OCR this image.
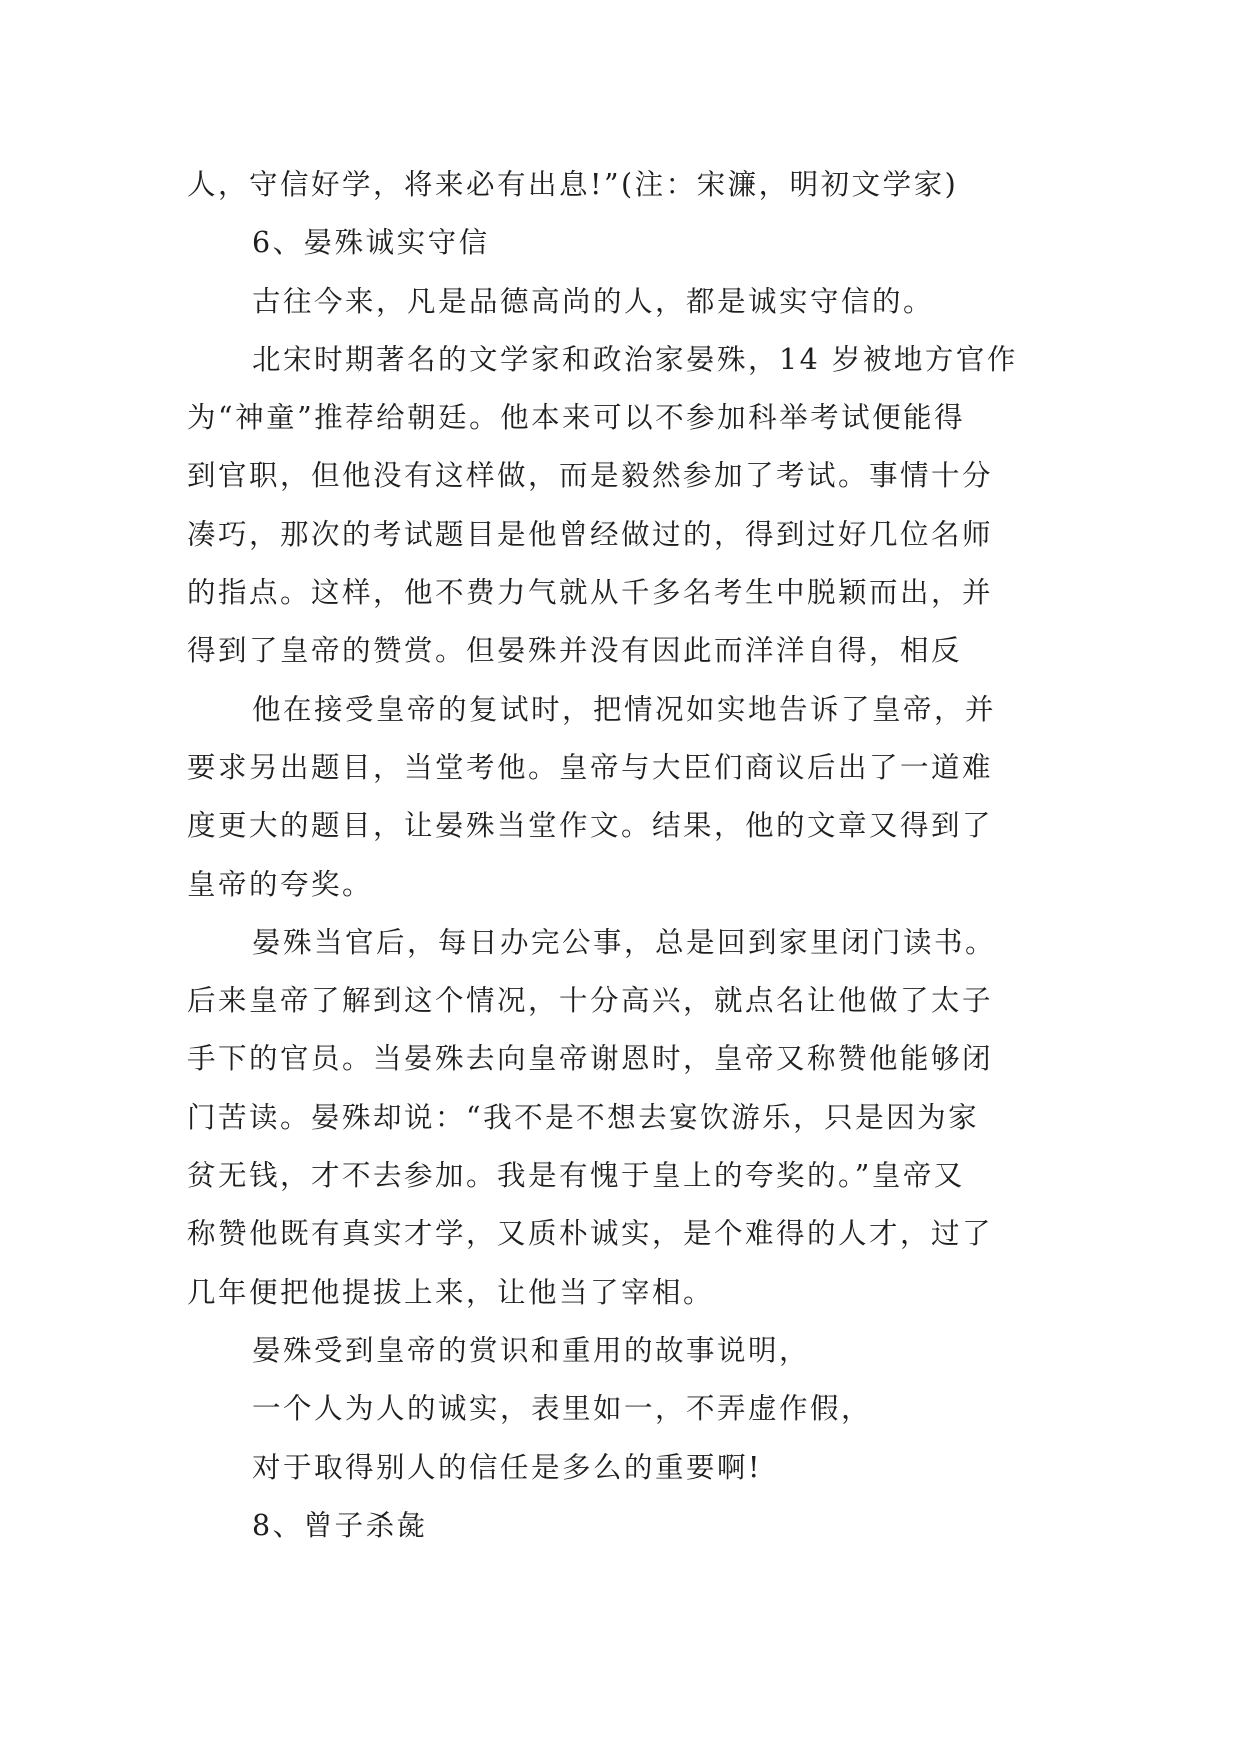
人，守信好学，将来必有出息!”(注：宋濂，明初文学家)
6、晏殊诚实守信
古往今来，凡是品德高尚的人，都是诚实守信的。
北宋时期著名的文学家和政治家晏殊，14 岁被地方官作
为“神童”推荐给朝廷。他本来可以不参加科举考试便能得
到官职，但他没有这样做，而是毅然参加了考试。事情十分
凑巧，那次的考试题目是他曾经做过的，得到过好几位名师
的指点。这样，他不费力气就从千多名考生中脱颖而出，并
得到了皇帝的赞赏。但晏殊并没有因此而洋洋自得，相反
他在接受皇帝的复试时，把情况如实地告诉了皇帝，并
要求另出题目，当堂考他。皇帝与大臣们商议后出了一道难
度更大的题目，让晏殊当堂作文。结果，他的文章又得到了
皇帝的夸奖。
晏殊当官后，每日办完公事，总是回到家里闭门读书。
后来皇帝了解到这个情况，十分高兴，就点名让他做了太子
手下的官员。当晏殊去向皇帝谢恩时，皇帝又称赞他能够闭
门苦读。晏殊却说：“我不是不想去宴饮游乐，只是因为家
贫无钱，才不去参加。我是有愧于皇上的夸奖的。”皇帝又
称赞他既有真实才学，又质朴诚实，是个难得的人才，过了
几年便把他提拔上来，让他当了宰相。
晏殊受到皇帝的赏识和重用的故事说明，
一个人为人的诚实，表里如一，不弄虚作假，
对于取得别人的信任是多么的重要啊!
8、曾子杀彘
